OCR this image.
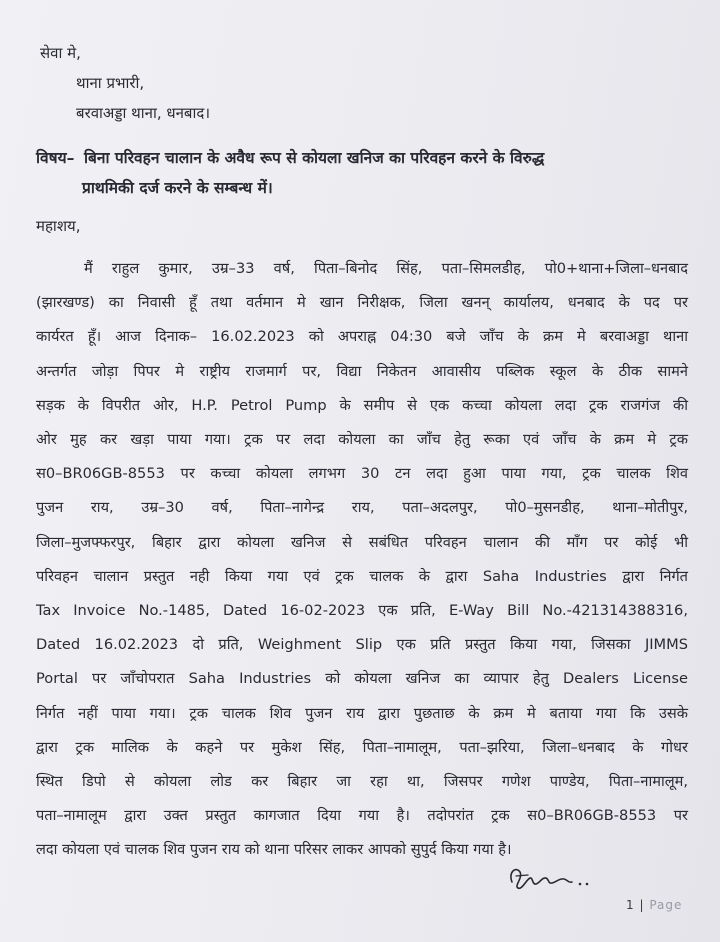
सेवा मे,
थाना प्रभारी,
बरवाअड्डा थाना, धनबाद।
विषय– बिना परिवहन चालान के अवैध रूप से कोयला खनिज का परिवहन करने के विरुद्ध
प्राथमिकी दर्ज करने के सम्बन्ध में।
महाशय,
मैं राहुल कुमार, उम्र–33 वर्ष, पिता–बिनोद सिंह, पता–सिमलडीह, पो0+थाना+जिला–धनबाद
(झारखण्ड) का निवासी हूँ तथा वर्तमान मे खान निरीक्षक, जिला खनन् कार्यालय, धनबाद के पद पर
कार्यरत हूँ। आज दिनाक– 16.02.2023 को अपराह्न 04:30 बजे जाँच के क्रम मे बरवाअड्डा थाना
अन्तर्गत जोड़ा पिपर मे राष्ट्रीय राजमार्ग पर, विद्या निकेतन आवासीय पब्लिक स्कूल के ठीक सामने
सड़क के विपरीत ओर, H.P. Petrol Pump के समीप से एक कच्चा कोयला लदा ट्रक राजगंज की
ओर मुह कर खड़ा पाया गया। ट्रक पर लदा कोयला का जाँच हेतु रूका एवं जाँच के क्रम मे ट्रक
स0–BR06GB-8553 पर कच्चा कोयला लगभग 30 टन लदा हुआ पाया गया, ट्रक चालक शिव
पुजन राय, उम्र–30 वर्ष, पिता–नागेन्द्र राय, पता–अदलपुर, पो0–मुसनडीह, थाना–मोतीपुर,
जिला–मुजफ्फरपुर, बिहार द्वारा कोयला खनिज से सबंधित परिवहन चालान की माँग पर कोई भी
परिवहन चालान प्रस्तुत नही किया गया एवं ट्रक चालक के द्वारा Saha Industries द्वारा निर्गत
Tax Invoice No.-1485, Dated 16-02-2023 एक प्रति, E-Way Bill No.-421314388316,
Dated 16.02.2023 दो प्रति, Weighment Slip एक प्रति प्रस्तुत किया गया, जिसका JIMMS
Portal पर जाँचोपरात Saha Industries को कोयला खनिज का व्यापार हेतु Dealers License
निर्गत नहीं पाया गया। ट्रक चालक शिव पुजन राय द्वारा पुछताछ के क्रम मे बताया गया कि उसके
द्वारा ट्रक मालिक के कहने पर मुकेश सिंह, पिता–नामालूम, पता–झरिया, जिला–धनबाद के गोधर
स्थित डिपो से कोयला लोड कर बिहार जा रहा था, जिसपर गणेश पाण्डेय, पिता–नामालूम,
पता–नामालूम द्वारा उक्त प्रस्तुत कागजात दिया गया है। तदोपरांत ट्रक स0–BR06GB-8553 पर
लदा कोयला एवं चालक शिव पुजन राय को थाना परिसर लाकर आपको सुपुर्द किया गया है।
1 | Page
